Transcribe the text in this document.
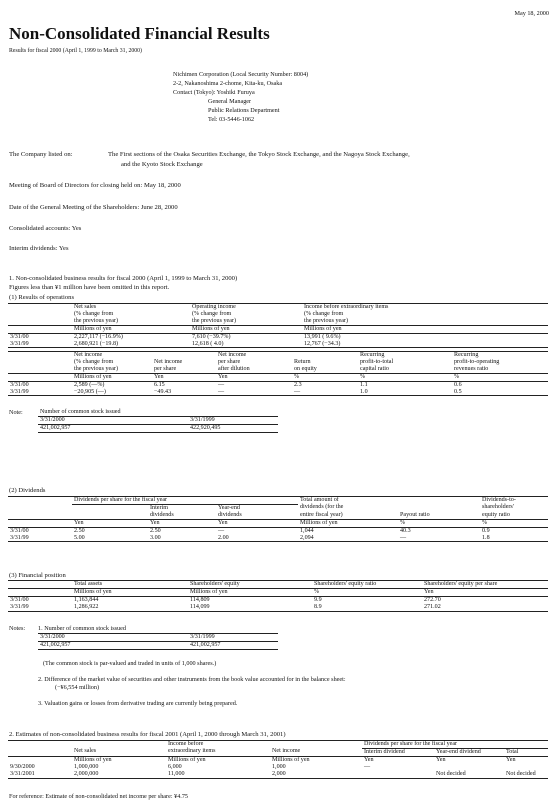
May 18, 2000
Non-Consolidated Financial Results
Results for fiscal 2000 (April 1, 1999 to March 31, 2000)
Nichimen Corporation (Local Security Number: 8004)
2-2, Nakanoshima 2-chome, Kita-ku, Osaka
Contact (Tokyo): Yoshiki Furuya
General Manager
Public Relations Department
Tel: 03-5446-1062
The Company listed on:	The First sections of the Osaka Securities Exchange, the Tokyo Stock Exchange, and the Nagoya Stock Exchange,
and the Kyoto Stock Exchange
Meeting of Board of Directors for closing held on: May 18, 2000
Date of the General Meeting of the Shareholders: June 28, 2000
Consolidated accounts: Yes
Interim dividends: Yes
1. Non-consolidated business results for fiscal 2000 (April 1, 1999 to March 31, 2000)
Figures less than ¥1 million have been omitted in this report.
(1) Results of operations
	Net sales	Operating income	Income before extraordinary items
	(% change from	(% change from	(% change from
	the previous year)	the previous year)	the previous year)
	Millions of yen	Millions of yen	Millions of yen
3/31/00	2,227,117 (−16.9%)	7,610 (−39.7%)	13,991 ( 9.6%)
3/31/99	2,680,921 (−19.8)	12,618 ( 4.0)	12,767 (−34.3)
	Net income		Net income		Recurring	Recurring
	(% change from	Net income	per share	Return	profit-to-total	profit-to-operating
	the previous year)	per share	after dilution	on equity	capital ratio	revenues ratio
	Millions of yen	Yen	Yen	%	%	%
3/31/00	2,589 (—%)	6.15	—	2.3	1.1	0.6
3/31/99	−20,905 (—)	−49.43	—	—	1.0	0.5
Note:	Number of common stock issued	
3/31/2000	3/31/1999
421,002,957	422,920,495
(2) Dividends
	Dividends per share for the fiscal year			Total amount of		Dividends-to-
		Interim	Year-end	dividends (for the		shareholders'
		dividends	dividends	entire fiscal year)	Payout ratio	equity ratio
	Yen	Yen	Yen	Millions of yen	%	%
3/31/00	2.50	2.50	—	1,044	40.3	0.9
3/31/99	5.00	3.00	2.00	2,094	—	1.8
(3) Financial position
	Total assets	Shareholders' equity	Shareholders' equity ratio	Shareholders' equity per share
	Millions of yen	Millions of yen	%	Yen
3/31/00	1,163,844	114,809	9.9	272.70
3/31/99	1,286,922	114,099	8.9	271.02
Notes: 1. Number of common stock issued
3/31/2000	3/31/1999
421,002,957	421,002,957
(The common stock is par-valued and traded in units of 1,000 shares.)
2. Difference of the market value of securities and other instruments from the book value accounted for in the balance sheet:
(−¥6,554 million)
3. Valuation gains or losses from derivative trading are currently being prepared.
2. Estimates of non-consolidated business results for fiscal 2001 (April 1, 2000 through March 31, 2001)
		Income before		Dividends per share for the fiscal year		
	Net sales	extraordinary items	Net income	Interim dividend	Year-end dividend	Total
	Millions of yen	Millions of yen	Millions of yen	Yen	Yen	Yen
9/30/2000	1,000,000	6,000	1,000	—		
3/31/2001	2,000,000	11,000	2,000		Not decided	Not decided
For reference: Estimate of non-consolidated net income per share: ¥4.75
